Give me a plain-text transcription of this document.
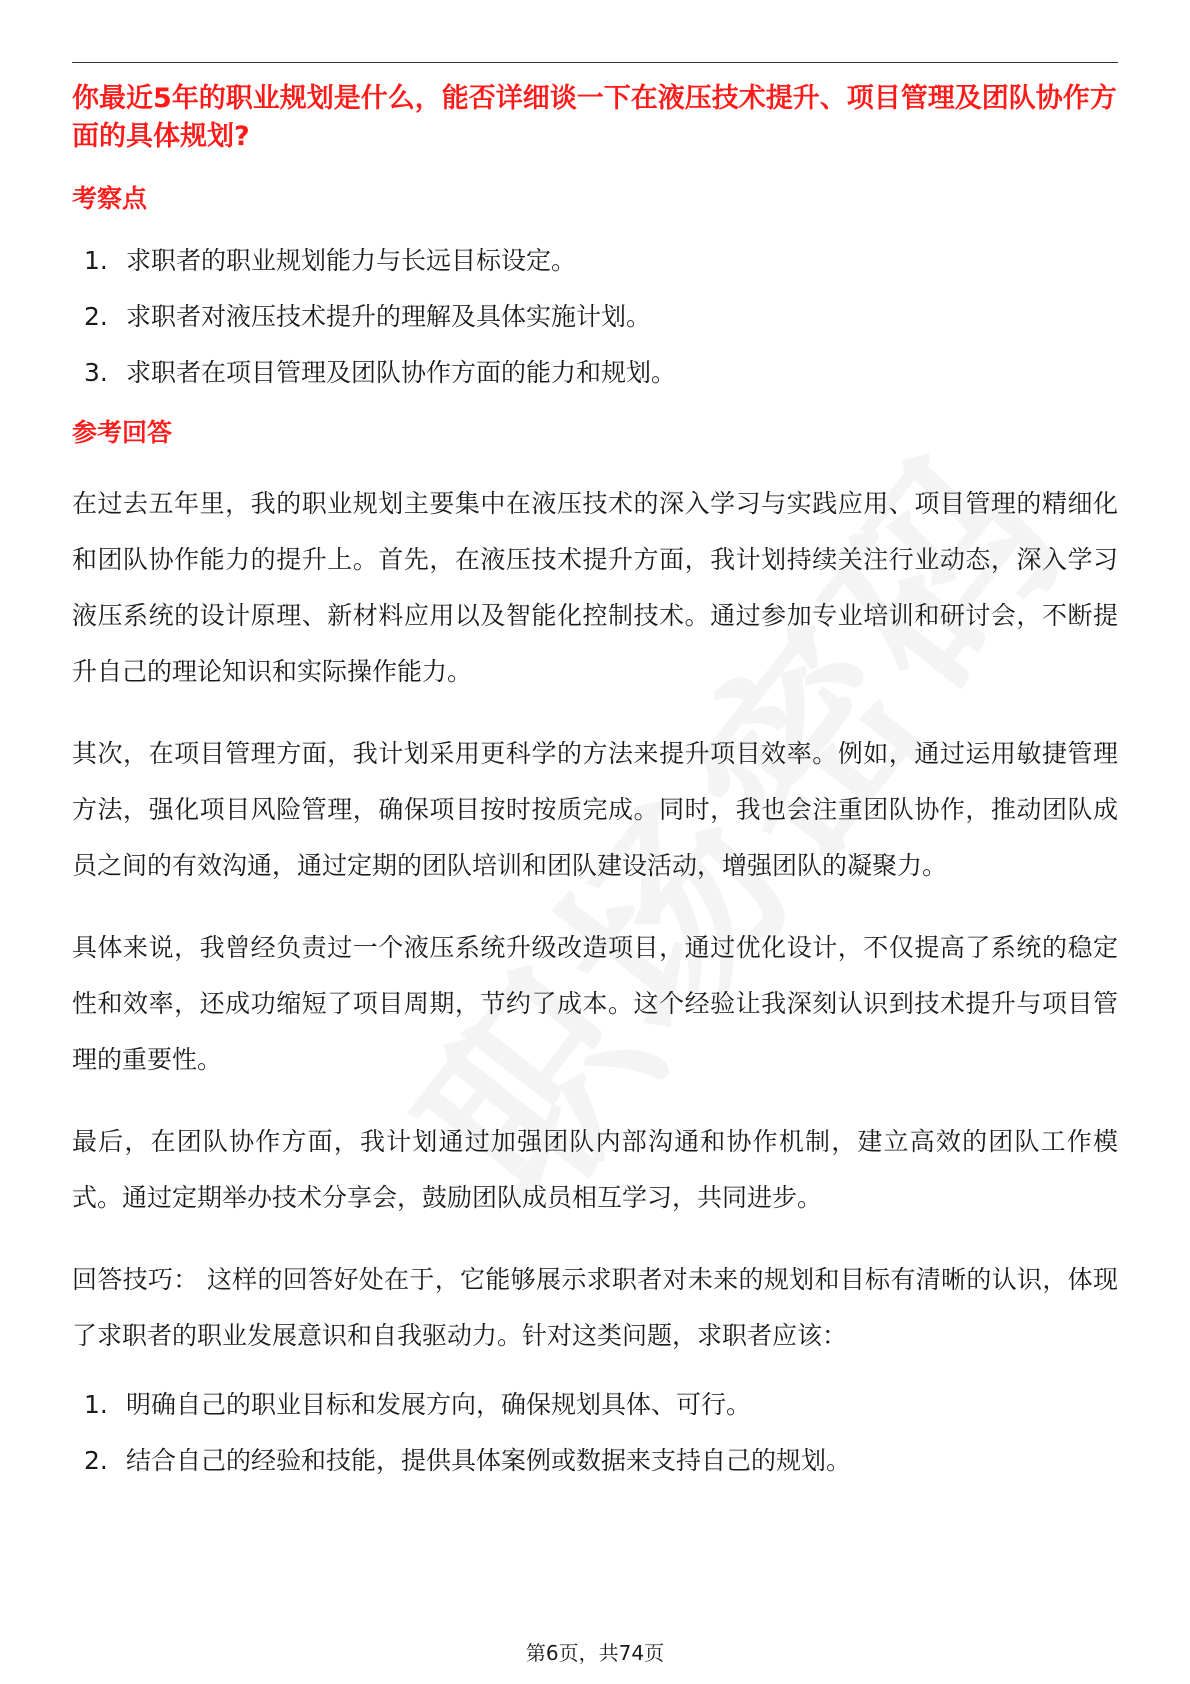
你最近5年的职业规划是什么，能否详细谈一下在液压技术提升、项目管理及团队协作方面的具体规划?

考察点

1. 求职者的职业规划能力与长远目标设定。
2. 求职者对液压技术提升的理解及具体实施计划。
3. 求职者在项目管理及团队协作方面的能力和规划。

参考回答

在过去五年里，我的职业规划主要集中在液压技术的深入学习与实践应用、项目管理的精细化和团队协作能力的提升上。首先，在液压技术提升方面，我计划持续关注行业动态，深入学习液压系统的设计原理、新材料应用以及智能化控制技术。通过参加专业培训和研讨会，不断提升自己的理论知识和实际操作能力。

其次，在项目管理方面，我计划采用更科学的方法来提升项目效率。例如，通过运用敏捷管理方法，强化项目风险管理，确保项目按时按质完成。同时，我也会注重团队协作，推动团队成员之间的有效沟通，通过定期的团队培训和团队建设活动，增强团队的凝聚力。

具体来说，我曾经负责过一个液压系统升级改造项目，通过优化设计，不仅提高了系统的稳定性和效率，还成功缩短了项目周期，节约了成本。这个经验让我深刻认识到技术提升与项目管理的重要性。

最后，在团队协作方面，我计划通过加强团队内部沟通和协作机制，建立高效的团队工作模式。通过定期举办技术分享会，鼓励团队成员相互学习，共同进步。

回答技巧： 这样的回答好处在于，它能够展示求职者对未来的规划和目标有清晰的认识，体现了求职者的职业发展意识和自我驱动力。针对这类问题，求职者应该：

1. 明确自己的职业目标和发展方向，确保规划具体、可行。
2. 结合自己的经验和技能，提供具体案例或数据来支持自己的规划。
第6页，共74页
